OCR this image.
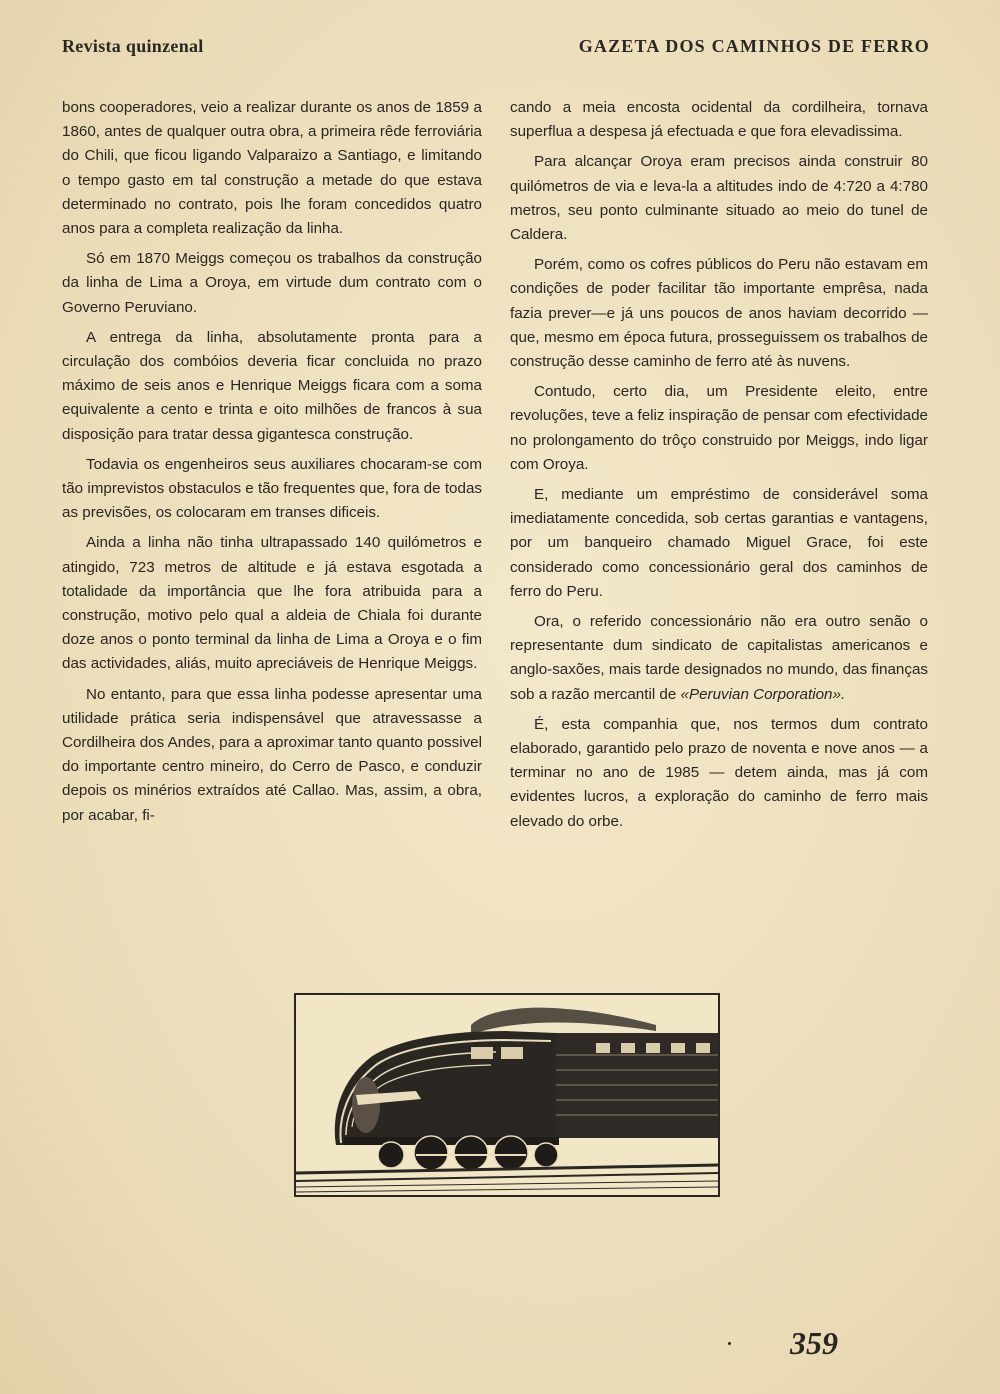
Revista quinzenal	GAZETA DOS CAMINHOS DE FERRO

bons cooperadores, veio a realizar durante os anos de 1859 a 1860, antes de qualquer outra obra, a primeira rêde ferroviária do Chili, que ficou ligando Valparaizo a Santiago, e limitando o tempo gasto em tal construção a metade do que estava determinado no contrato, pois lhe foram concedidos quatro anos para a completa realização da linha.

Só em 1870 Meiggs começou os trabalhos da construção da linha de Lima a Oroya, em virtude dum contrato com o Governo Peruviano.

A entrega da linha, absolutamente pronta para a circulação dos combóios deveria ficar concluida no prazo máximo de seis anos e Henrique Meiggs ficara com a soma equivalente a cento e trinta e oito milhões de francos à sua disposição para tratar dessa gigantesca construção.

Todavia os engenheiros seus auxiliares chocaram-se com tão imprevistos obstaculos e tão frequentes que, fora de todas as previsões, os colocaram em transes dificeis.

Ainda a linha não tinha ultrapassado 140 quilómetros e atingido, 723 metros de altitude e já estava esgotada a totalidade da importância que lhe fora atribuida para a construção, motivo pelo qual a aldeia de Chiala foi durante doze anos o ponto terminal da linha de Lima a Oroya e o fim das actividades, aliás, muito apreciáveis de Henrique Meiggs.

No entanto, para que essa linha podesse apresentar uma utilidade prática seria indispensável que atravessasse a Cordilheira dos Andes, para a aproximar tanto quanto possivel do importante centro mineiro, do Cerro de Pasco, e conduzir depois os minérios extraídos até Callao. Mas, assim, a obra, por acabar, fi-

cando a meia encosta ocidental da cordilheira, tornava superflua a despesa já efectuada e que fora elevadissima.

Para alcançar Oroya eram precisos ainda construir 80 quilómetros de via e leva-la a altitudes indo de 4:720 a 4:780 metros, seu ponto culminante situado ao meio do tunel de Caldera.

Porém, como os cofres públicos do Peru não estavam em condições de poder facilitar tão importante emprêsa, nada fazia prever—e já uns poucos de anos haviam decorrido — que, mesmo em época futura, prosseguissem os trabalhos de construção desse caminho de ferro até às nuvens.

Contudo, certo dia, um Presidente eleito, entre revoluções, teve a feliz inspiração de pensar com efectividade no prolongamento do trôço construido por Meiggs, indo ligar com Oroya.

E, mediante um empréstimo de considerável soma imediatamente concedida, sob certas garantias e vantagens, por um banqueiro chamado Miguel Grace, foi este considerado como concessionário geral dos caminhos de ferro do Peru.

Ora, o referido concessionário não era outro senão o representante dum sindicato de capitalistas americanos e anglo-saxões, mais tarde designados no mundo, das finanças sob a razão mercantil de «Peruvian Corporation».

É, esta companhia que, nos termos dum contrato elaborado, garantido pelo prazo de noventa e nove anos — a terminar no ano de 1985 — detem ainda, mas já com evidentes lucros, a exploração do caminho de ferro mais elevado do orbe.

359
